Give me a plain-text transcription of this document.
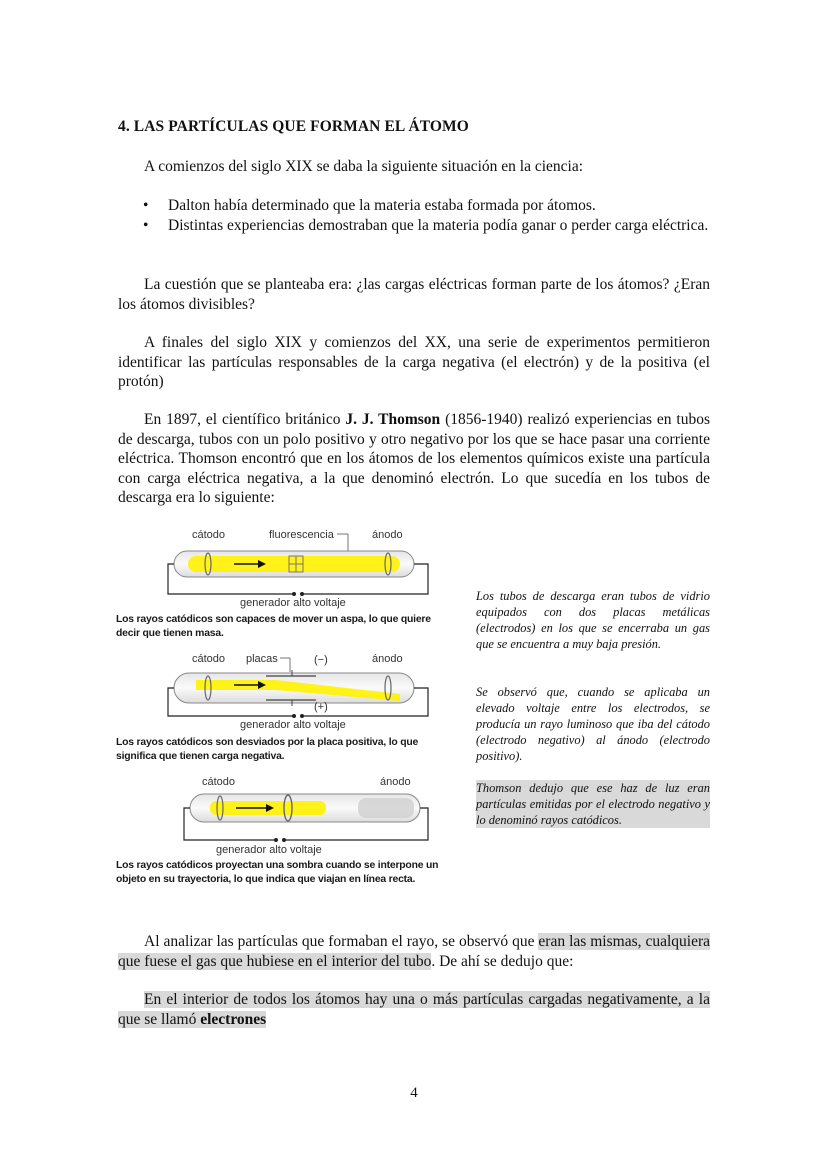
4. LAS PARTÍCULAS QUE FORMAN EL ÁTOMO
A comienzos del siglo XIX se daba la siguiente situación en la ciencia:
• Dalton había determinado que la materia estaba formada por átomos.
• Distintas experiencias demostraban que la materia podía ganar o perder carga eléctrica.
La cuestión que se planteaba era: ¿las cargas eléctricas forman parte de los átomos? ¿Eran los átomos divisibles?
A finales del siglo XIX y comienzos del XX, una serie de experimentos permitieron identificar las partículas responsables de la carga negativa (el electrón) y de la positiva (el protón)
En 1897, el científico británico J. J. Thomson (1856-1940) realizó experiencias en tubos de descarga, tubos con un polo positivo y otro negativo por los que se hace pasar una corriente eléctrica. Thomson encontró que en los átomos de los elementos químicos existe una partícula con carga eléctrica negativa, a la que denominó electrón. Lo que sucedía en los tubos de descarga era lo siguiente:
cátodo	fluorescencia	ánodo
generador alto voltaje
cátodo placas	(−)	ánodo
(+)
generador alto voltaje
cátodo	ánodo
generador alto voltaje
Los rayos catódicos son capaces de mover un aspa, lo que quiere decir que tienen masa.
Los rayos catódicos son desviados por la placa positiva, lo que significa que tienen carga negativa.
Los rayos catódicos proyectan una sombra cuando se interpone un objeto en su trayectoria, lo que indica que viajan en línea recta.
Los tubos de descarga eran tubos de vidrio equipados con dos placas metálicas (electrodos) en los que se encerraba un gas que se encuentra a muy baja presión.
Se observó que, cuando se aplicaba un elevado voltaje entre los electrodos, se producía un rayo luminoso que iba del cátodo (electrodo negativo) al ánodo (electrodo positivo).
Thomson dedujo que ese haz de luz eran partículas emitidas por el electrodo negativo y lo denominó rayos catódicos.
Al analizar las partículas que formaban el rayo, se observó que eran las mismas, cualquiera que fuese el gas que hubiese en el interior del tubo. De ahí se dedujo que:
En el interior de todos los átomos hay una o más partículas cargadas negativamente, a la que se llamó electrones
4
